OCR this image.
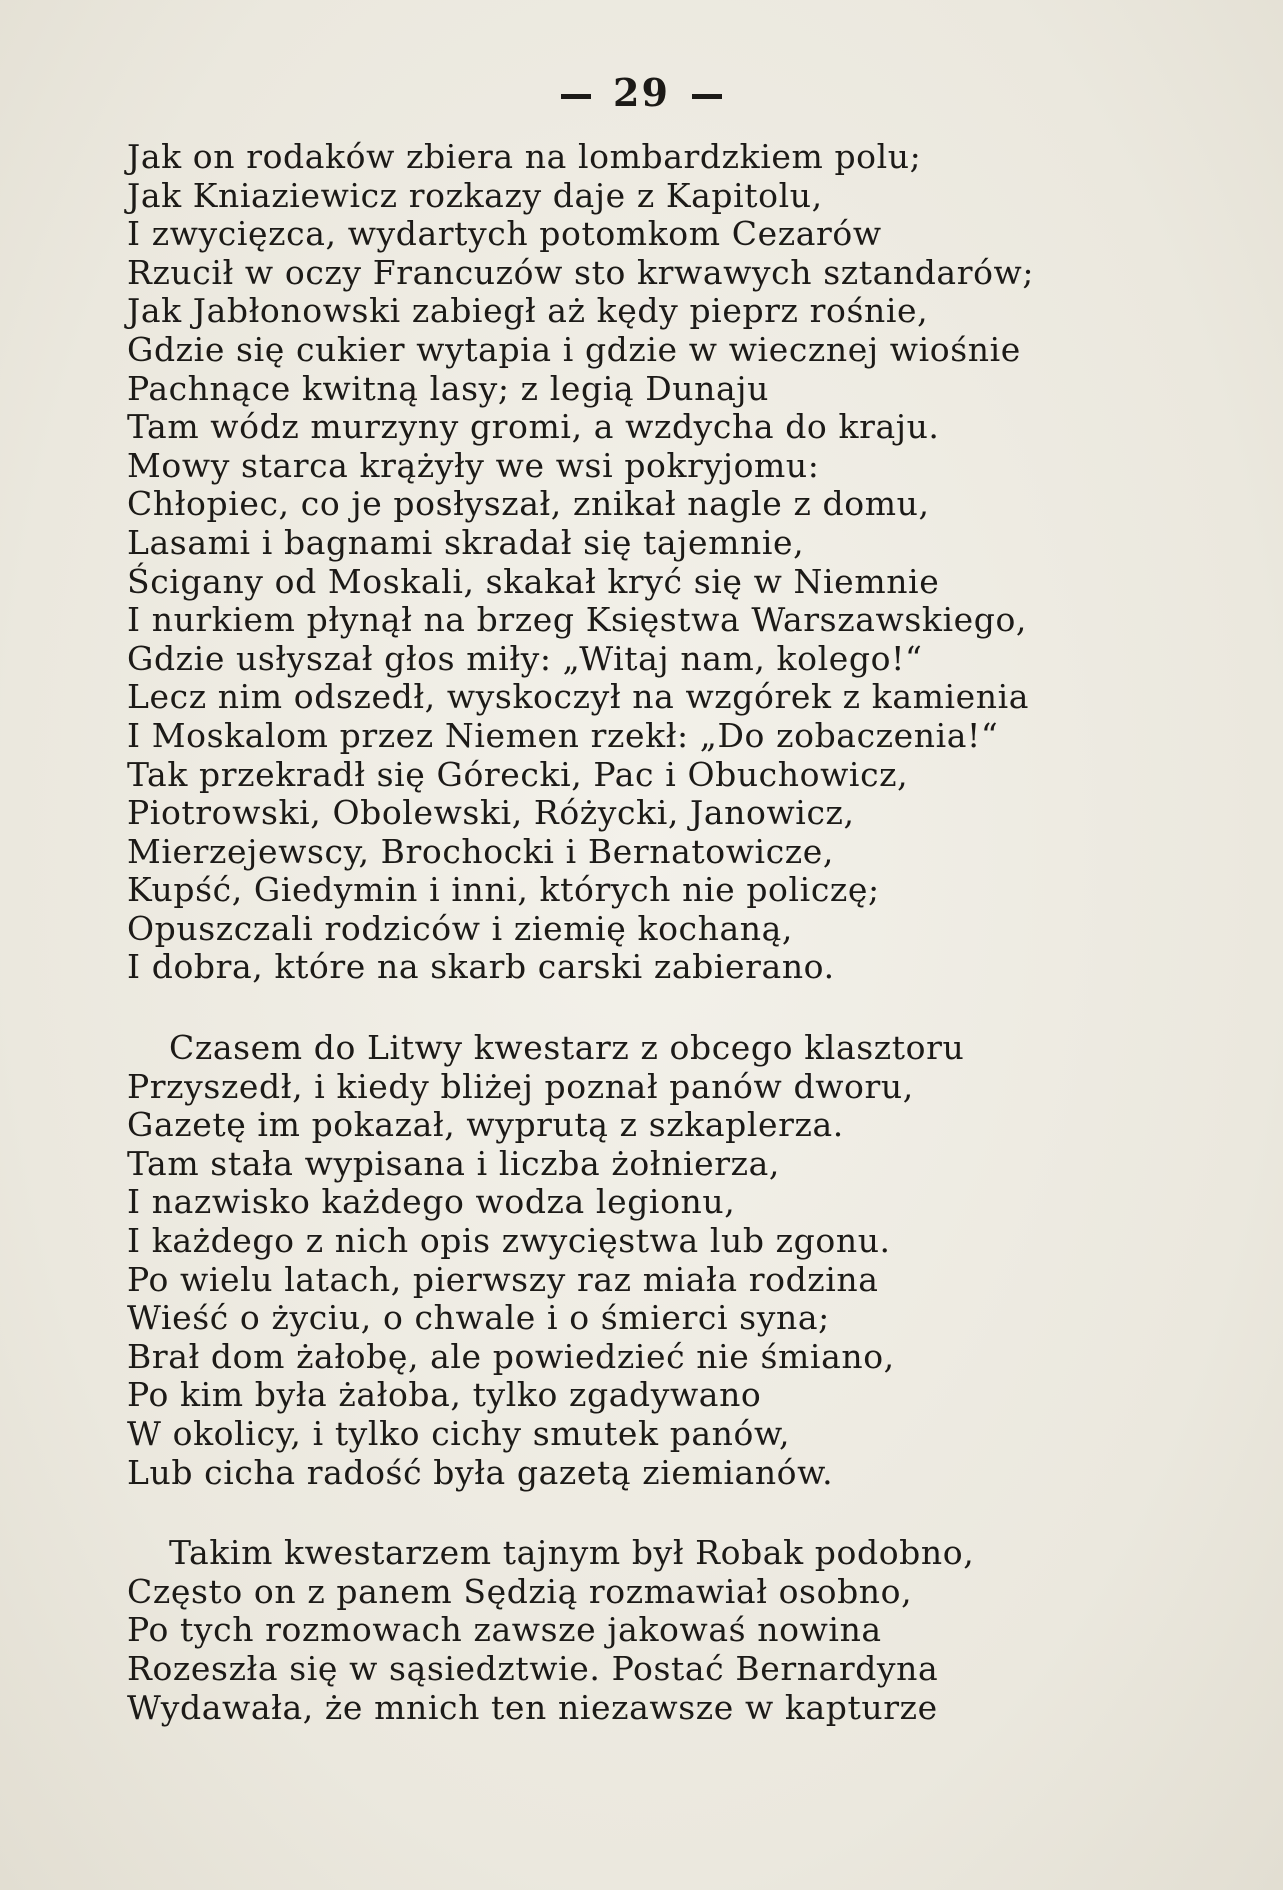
29
Jak on rodaków zbiera na lombardzkiem polu;
Jak Kniaziewicz rozkazy daje z Kapitolu,
I zwycięzca, wydartych potomkom Cezarów
Rzucił w oczy Francuzów sto krwawych sztandarów;
Jak Jabłonowski zabiegł aż kędy pieprz rośnie,
Gdzie się cukier wytapia i gdzie w wiecznej wiośnie
Pachnące kwitną lasy; z legią Dunaju
Tam wódz murzyny gromi, a wzdycha do kraju.
Mowy starca krążyły we wsi pokryjomu:
Chłopiec, co je posłyszał, znikał nagle z domu,
Lasami i bagnami skradał się tajemnie,
Ścigany od Moskali, skakał kryć się w Niemnie
I nurkiem płynął na brzeg Księstwa Warszawskiego,
Gdzie usłyszał głos miły: „Witaj nam, kolego!“
Lecz nim odszedł, wyskoczył na wzgórek z kamienia
I Moskalom przez Niemen rzekł: „Do zobaczenia!“
Tak przekradł się Górecki, Pac i Obuchowicz,
Piotrowski, Obolewski, Różycki, Janowicz,
Mierzejewscy, Brochocki i Bernatowicze,
Kupść, Giedymin i inni, których nie policzę;
Opuszczali rodziców i ziemię kochaną,
I dobra, które na skarb carski zabierano.
Czasem do Litwy kwestarz z obcego klasztoru
Przyszedł, i kiedy bliżej poznał panów dworu,
Gazetę im pokazał, wyprutą z szkaplerza.
Tam stała wypisana i liczba żołnierza,
I nazwisko każdego wodza legionu,
I każdego z nich opis zwycięstwa lub zgonu.
Po wielu latach, pierwszy raz miała rodzina
Wieść o życiu, o chwale i o śmierci syna;
Brał dom żałobę, ale powiedzieć nie śmiano,
Po kim była żałoba, tylko zgadywano
W okolicy, i tylko cichy smutek panów,
Lub cicha radość była gazetą ziemianów.
Takim kwestarzem tajnym był Robak podobno,
Często on z panem Sędzią rozmawiał osobno,
Po tych rozmowach zawsze jakowaś nowina
Rozeszła się w sąsiedztwie. Postać Bernardyna
Wydawała, że mnich ten niezawsze w kapturze
